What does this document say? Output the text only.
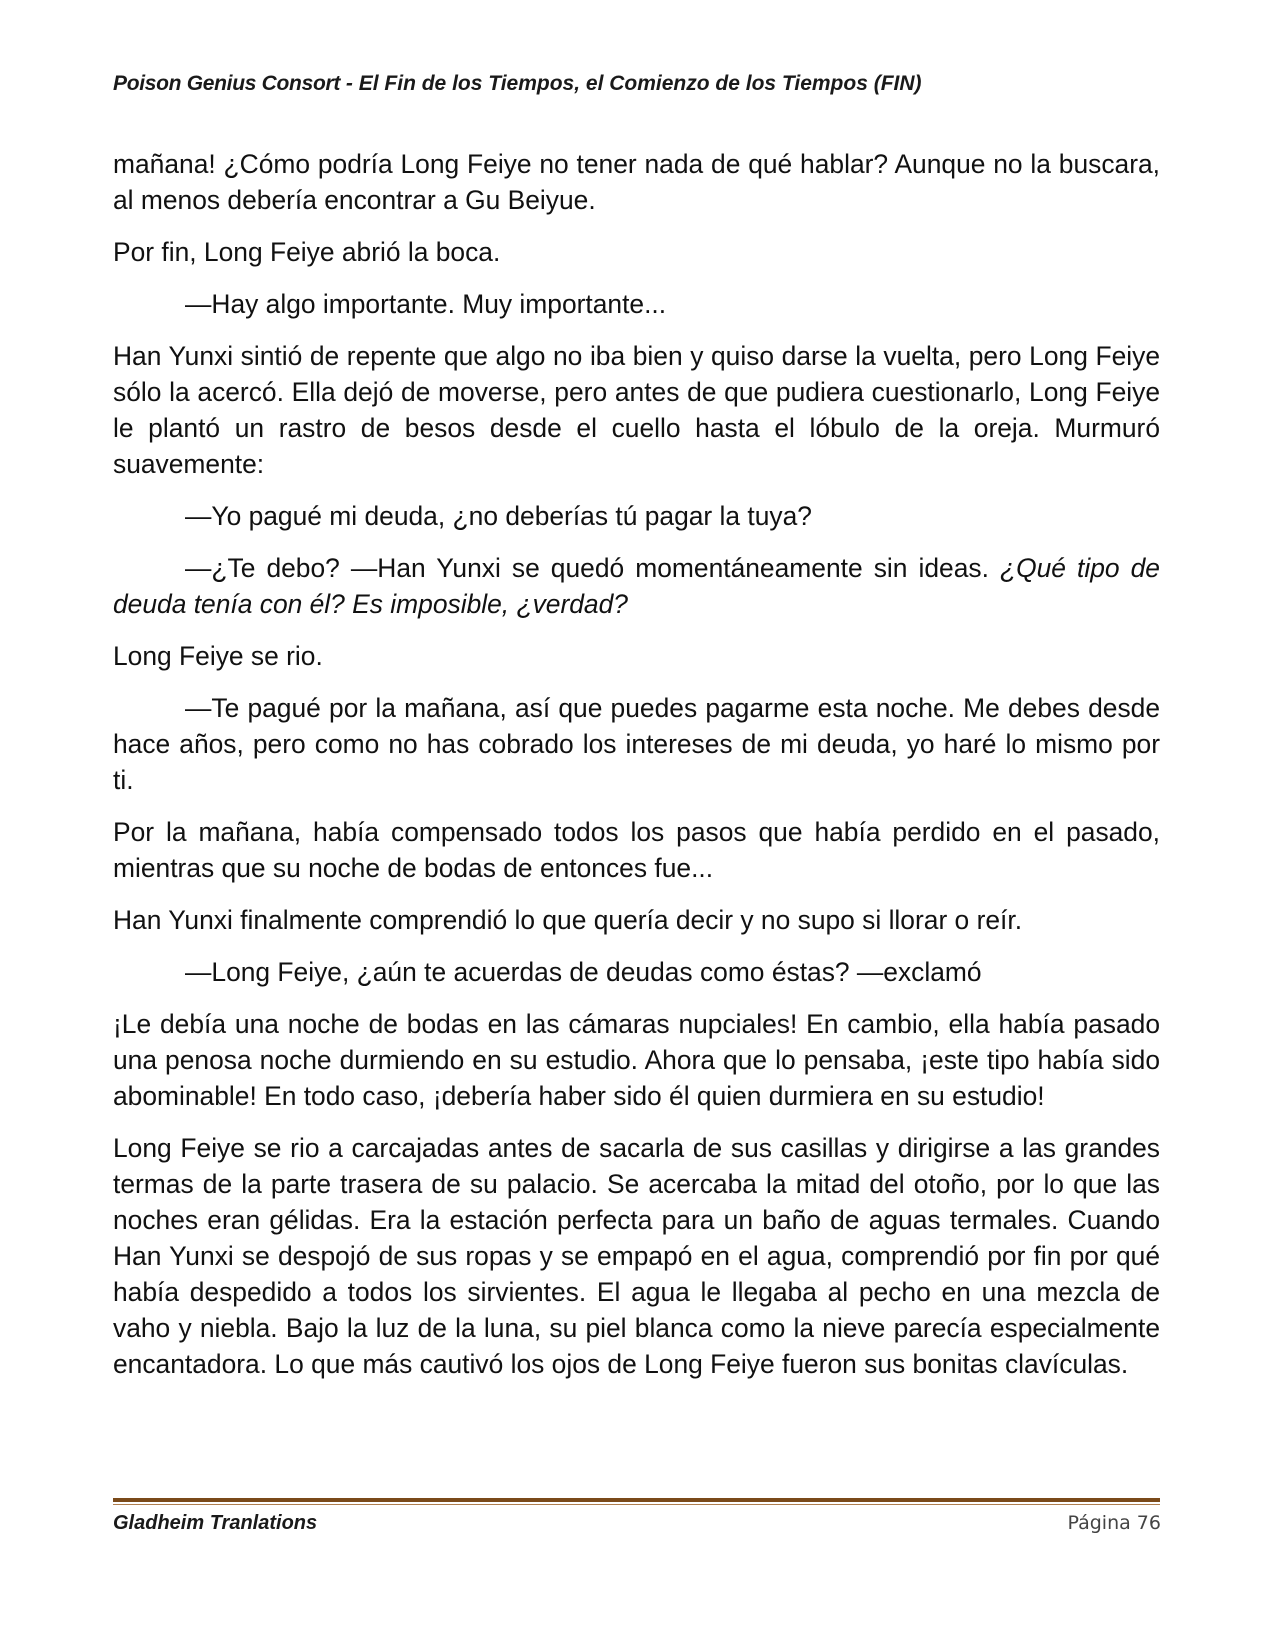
Poison Genius Consort - El Fin de los Tiempos, el Comienzo de los Tiempos (FIN)

mañana! ¿Cómo podría Long Feiye no tener nada de qué hablar? Aunque no la buscara, al menos debería encontrar a Gu Beiyue.

Por fin, Long Feiye abrió la boca.

—Hay algo importante. Muy importante...

Han Yunxi sintió de repente que algo no iba bien y quiso darse la vuelta, pero Long Feiye sólo la acercó. Ella dejó de moverse, pero antes de que pudiera cuestionarlo, Long Feiye le plantó un rastro de besos desde el cuello hasta el lóbulo de la oreja. Murmuró suavemente:

—Yo pagué mi deuda, ¿no deberías tú pagar la tuya?

—¿Te debo? —Han Yunxi se quedó momentáneamente sin ideas. ¿Qué tipo de deuda tenía con él? Es imposible, ¿verdad?

Long Feiye se rio.

—Te pagué por la mañana, así que puedes pagarme esta noche. Me debes desde hace años, pero como no has cobrado los intereses de mi deuda, yo haré lo mismo por ti.

Por la mañana, había compensado todos los pasos que había perdido en el pasado, mientras que su noche de bodas de entonces fue...

Han Yunxi finalmente comprendió lo que quería decir y no supo si llorar o reír.

—Long Feiye, ¿aún te acuerdas de deudas como éstas? —exclamó

¡Le debía una noche de bodas en las cámaras nupciales! En cambio, ella había pasado una penosa noche durmiendo en su estudio. Ahora que lo pensaba, ¡este tipo había sido abominable! En todo caso, ¡debería haber sido él quien durmiera en su estudio!

Long Feiye se rio a carcajadas antes de sacarla de sus casillas y dirigirse a las grandes termas de la parte trasera de su palacio. Se acercaba la mitad del otoño, por lo que las noches eran gélidas. Era la estación perfecta para un baño de aguas termales. Cuando Han Yunxi se despojó de sus ropas y se empapó en el agua, comprendió por fin por qué había despedido a todos los sirvientes. El agua le llegaba al pecho en una mezcla de vaho y niebla. Bajo la luz de la luna, su piel blanca como la nieve parecía especialmente encantadora. Lo que más cautivó los ojos de Long Feiye fueron sus bonitas clavículas.

Gladheim Tranlations	Página 76
